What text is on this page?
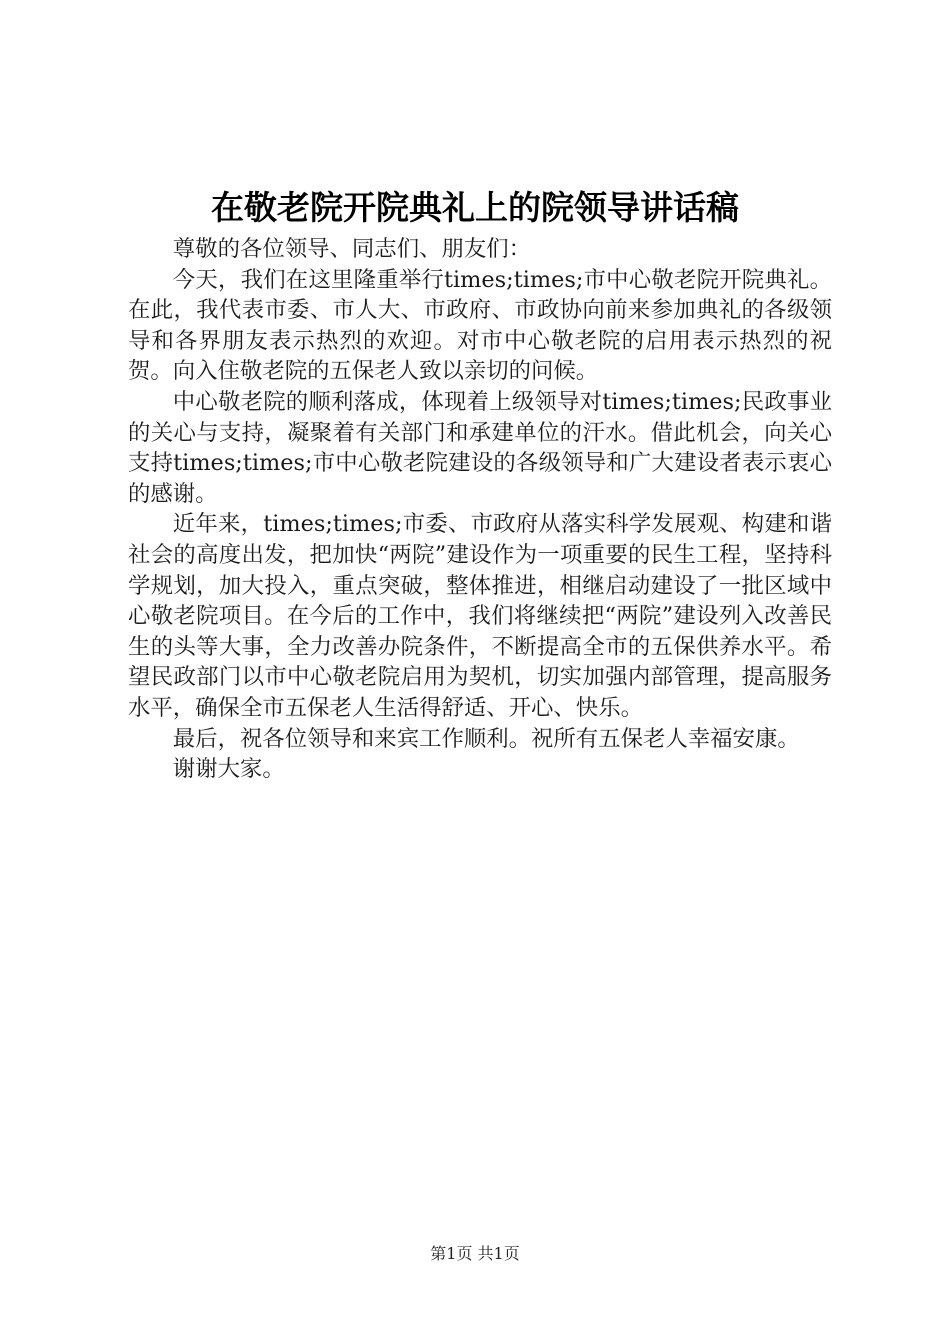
在敬老院开院典礼上的院领导讲话稿

尊敬的各位领导、同志们、朋友们：

今天，我们在这里隆重举行times;times;市中心敬老院开院典礼。在此，我代表市委、市人大、市政府、市政协向前来参加典礼的各级领导和各界朋友表示热烈的欢迎。对市中心敬老院的启用表示热烈的祝贺。向入住敬老院的五保老人致以亲切的问候。

中心敬老院的顺利落成，体现着上级领导对times;times;民政事业的关心与支持，凝聚着有关部门和承建单位的汗水。借此机会，向关心支持times;times;市中心敬老院建设的各级领导和广大建设者表示衷心的感谢。

近年来，times;times;市委、市政府从落实科学发展观、构建和谐社会的高度出发，把加快“两院”建设作为一项重要的民生工程，坚持科学规划，加大投入，重点突破，整体推进，相继启动建设了一批区域中心敬老院项目。在今后的工作中，我们将继续把“两院”建设列入改善民生的头等大事，全力改善办院条件，不断提高全市的五保供养水平。希望民政部门以市中心敬老院启用为契机，切实加强内部管理，提高服务水平，确保全市五保老人生活得舒适、开心、快乐。

最后，祝各位领导和来宾工作顺利。祝所有五保老人幸福安康。

谢谢大家。

第1页 共1页
